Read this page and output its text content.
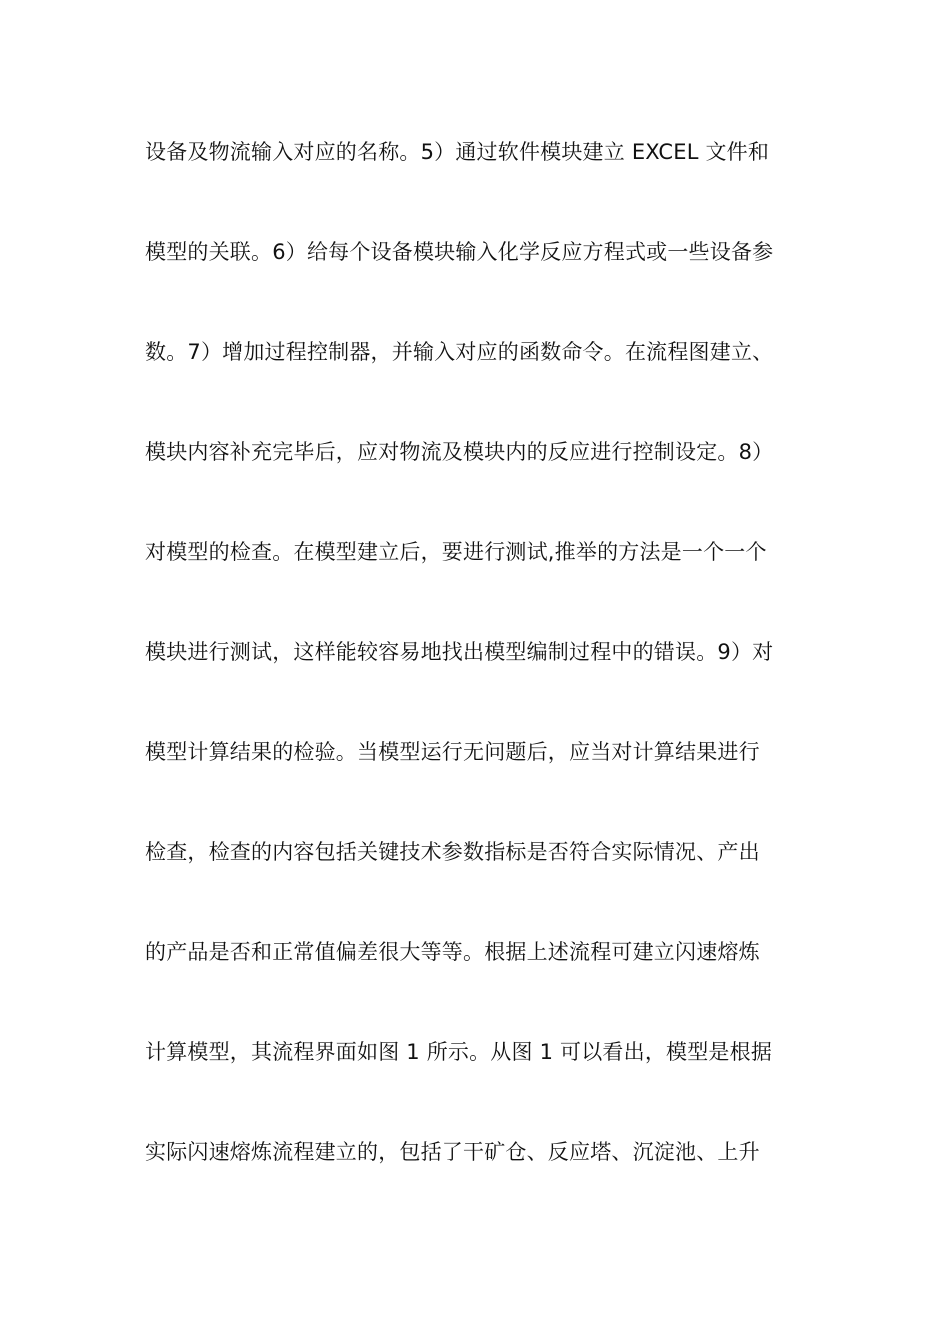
设备及物流输入对应的名称。5）通过软件模块建立 EXCEL 文件和
模型的关联。6）给每个设备模块输入化学反应方程式或一些设备参
数。7）增加过程控制器，并输入对应的函数命令。在流程图建立、
模块内容补充完毕后，应对物流及模块内的反应进行控制设定。8）
对模型的检查。在模型建立后，要进行测试,推举的方法是一个一个
模块进行测试，这样能较容易地找出模型编制过程中的错误。9）对
模型计算结果的检验。当模型运行无问题后，应当对计算结果进行
检查，检查的内容包括关键技术参数指标是否符合实际情况、产出
的产品是否和正常值偏差很大等等。根据上述流程可建立闪速熔炼
计算模型，其流程界面如图 1 所示。从图 1 可以看出，模型是根据
实际闪速熔炼流程建立的，包括了干矿仓、反应塔、沉淀池、上升
